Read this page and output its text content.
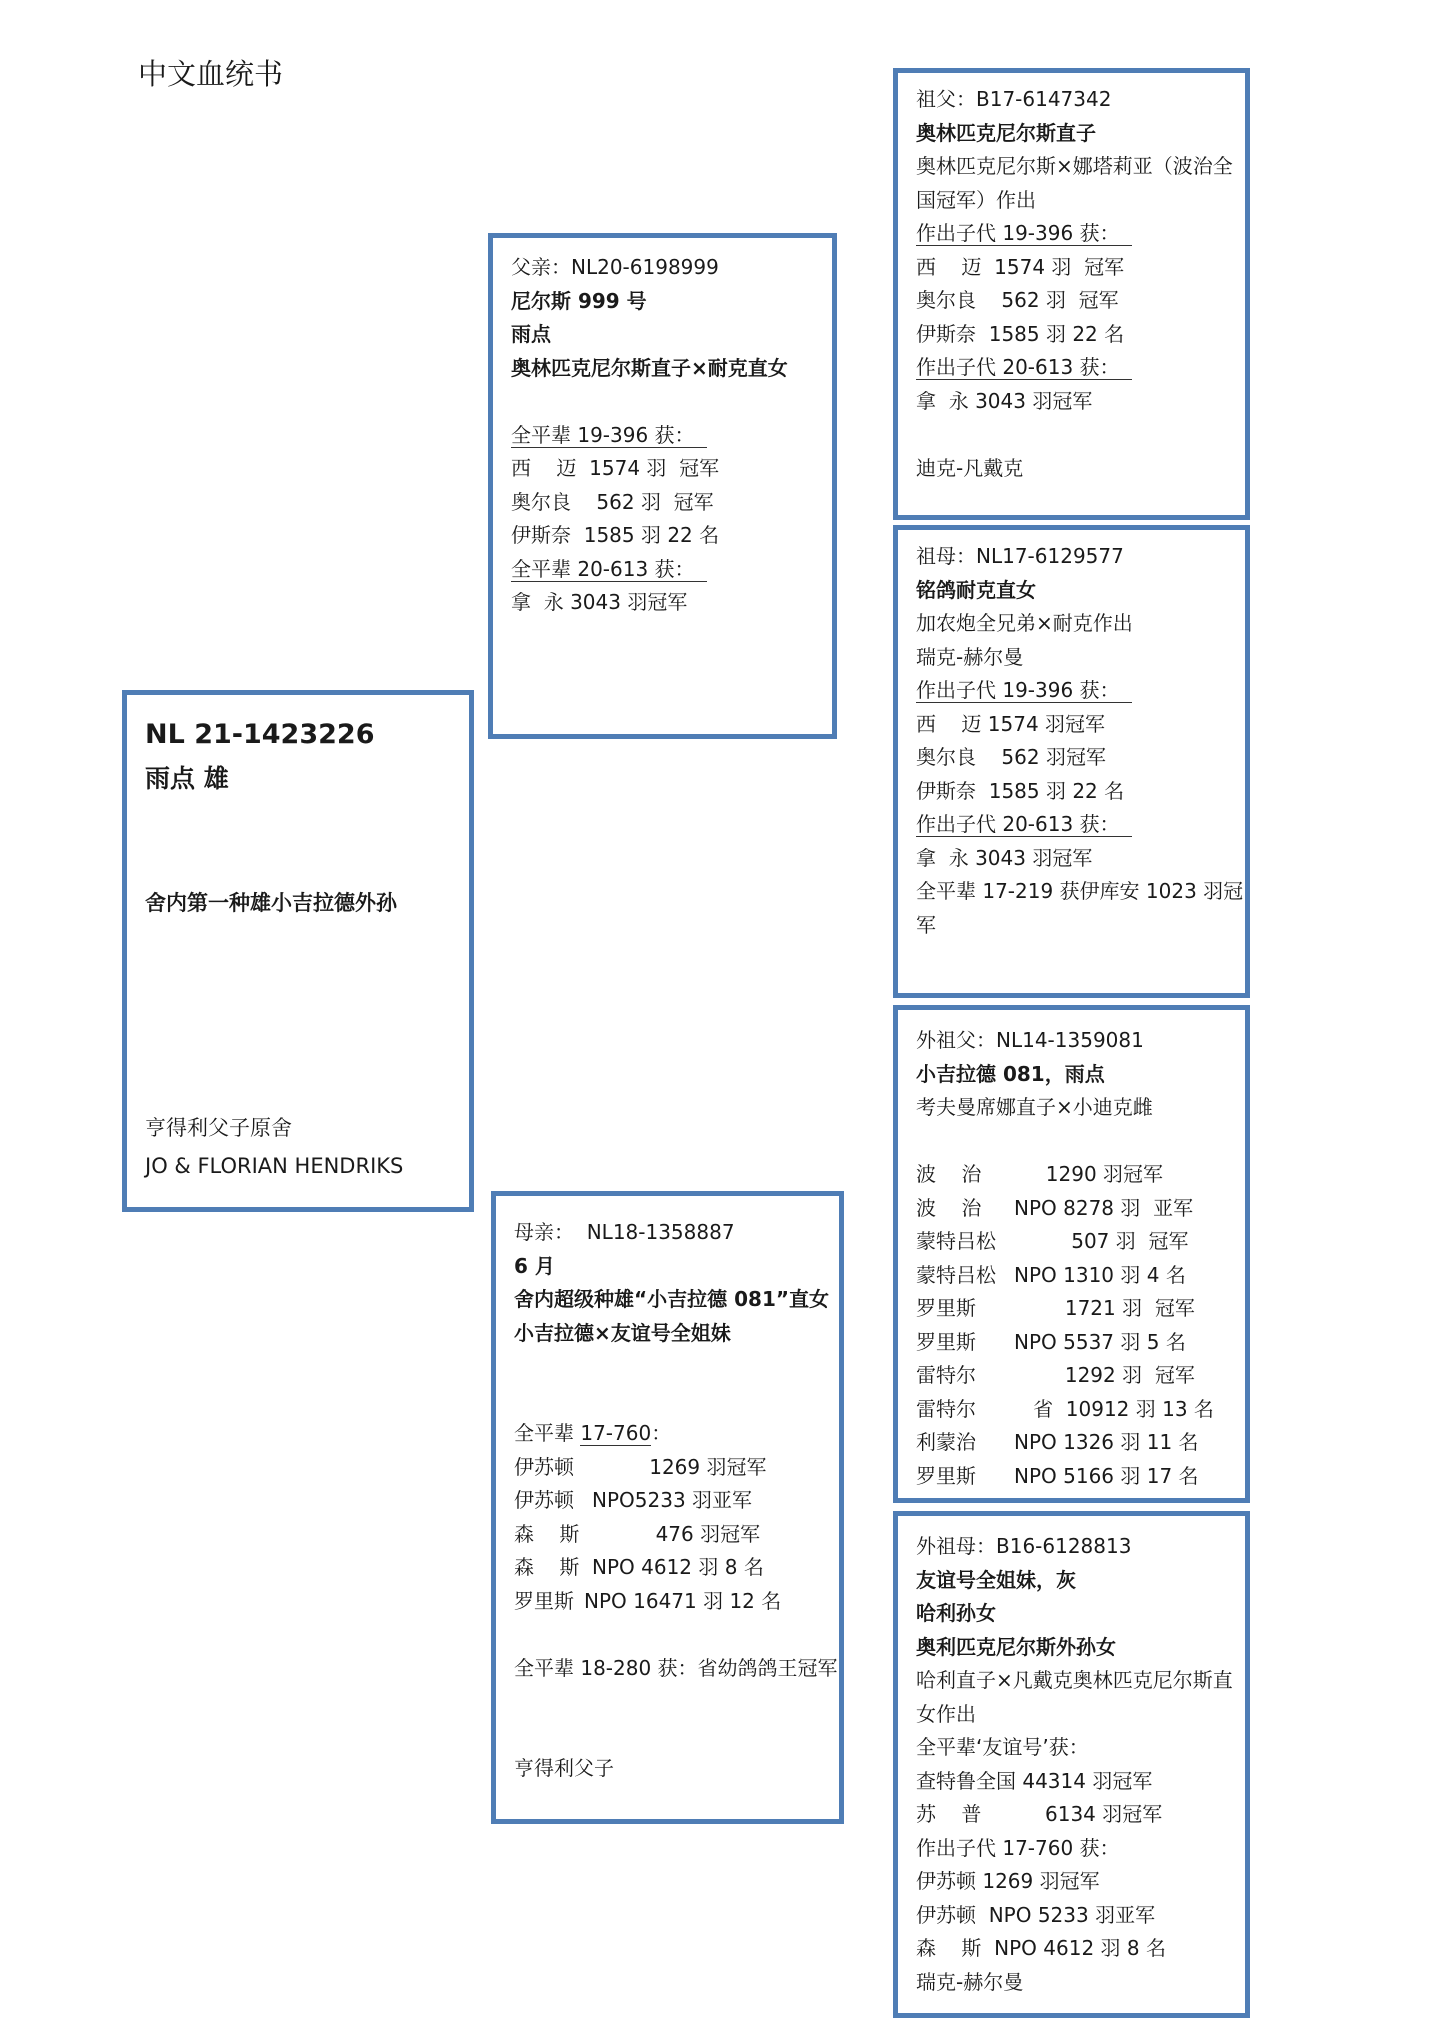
中文血统书
NL 21-1423226
雨点 雄
舍内第一种雄小吉拉德外孙
亨得利父子原舍
JO & FLORIAN HENDRIKS
父亲：NL20-6198999
尼尔斯 999 号
雨点
奥林匹克尼尔斯直子×耐克直女
全平辈 19-396 获：
西    迈  1574 羽  冠军
奥尔良    562 羽  冠军
伊斯奈  1585 羽 22 名
全平辈 20-613 获：
拿  永 3043 羽冠军
母亲：  NL18-1358887
6 月
舍内超级种雄“小吉拉德 081”直女
小吉拉德×友谊号全姐妹
全平辈 17-760：
伊苏顿 1269 羽冠军
伊苏顿 NPO5233 羽亚军
森    斯 476 羽冠军
森    斯 NPO 4612 羽 8 名
罗里斯 NPO 16471 羽 12 名
全平辈 18-280 获：省幼鸽鸽王冠军
亨得利父子
祖父：B17-6147342
奥林匹克尼尔斯直子
奥林匹克尼尔斯×娜塔莉亚（波治全
国冠军）作出
作出子代 19-396 获：
西    迈  1574 羽  冠军
奥尔良    562 羽  冠军
伊斯奈  1585 羽 22 名
作出子代 20-613 获：
拿  永 3043 羽冠军
迪克-凡戴克
祖母：NL17-6129577
铭鸽耐克直女
加农炮全兄弟×耐克作出
瑞克-赫尔曼
作出子代 19-396 获：
西    迈 1574 羽冠军
奥尔良    562 羽冠军
伊斯奈  1585 羽 22 名
作出子代 20-613 获：
拿  永 3043 羽冠军
全平辈 17-219 获伊库安 1023 羽冠
军
外祖父：NL14-1359081
小吉拉德 081，雨点
考夫曼席娜直子×小迪克雌
波    治	1290 羽冠军
波    治	NPO 8278 羽  亚军
蒙特吕松 507 羽  冠军
蒙特吕松 NPO 1310 羽 4 名
罗里斯	1721 羽  冠军
罗里斯	NPO 5537 羽 5 名
雷特尔	1292 羽  冠军
雷特尔	省  10912 羽 13 名
利蒙治	NPO 1326 羽 11 名
罗里斯	NPO 5166 羽 17 名
外祖母：B16-6128813
友谊号全姐妹，灰
哈利孙女
奥利匹克尼尔斯外孙女
哈利直子×凡戴克奥林匹克尼尔斯直
女作出
全平辈‘友谊号’获：
查特鲁全国 44314 羽冠军
苏    普          6134 羽冠军
作出子代 17-760 获：
伊苏顿 1269 羽冠军
伊苏顿  NPO 5233 羽亚军
森    斯  NPO 4612 羽 8 名
瑞克-赫尔曼
